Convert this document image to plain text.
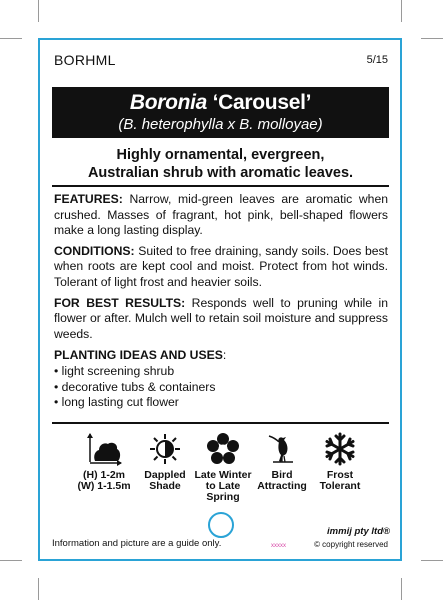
BORHML	5/15
Boronia ‘Carousel’
(B. heterophylla x B. molloyae)
Highly ornamental, evergreen,
Australian shrub with aromatic leaves.

FEATURES: Narrow, mid-green leaves are aromatic when crushed. Masses of fragrant, hot pink, bell-shaped flowers make a long lasting display.

CONDITIONS: Suited to free draining, sandy soils. Does best when roots are kept cool and moist. Protect from hot winds. Tolerant of light frost and heavier soils.

FOR BEST RESULTS: Responds well to pruning while in flower or after. Mulch well to retain soil moisture and suppress weeds.

PLANTING IDEAS AND USES:
• light screening shrub
• decorative tubs & containers
• long lasting cut flower
(H) 1-2m
(W) 1-1.5m
Dappled
Shade
Late Winter
to Late
Spring
Bird
Attracting
Frost
Tolerant
Information and picture are a guide only.	xxxxx
immij pty ltd®
© copyright reserved
